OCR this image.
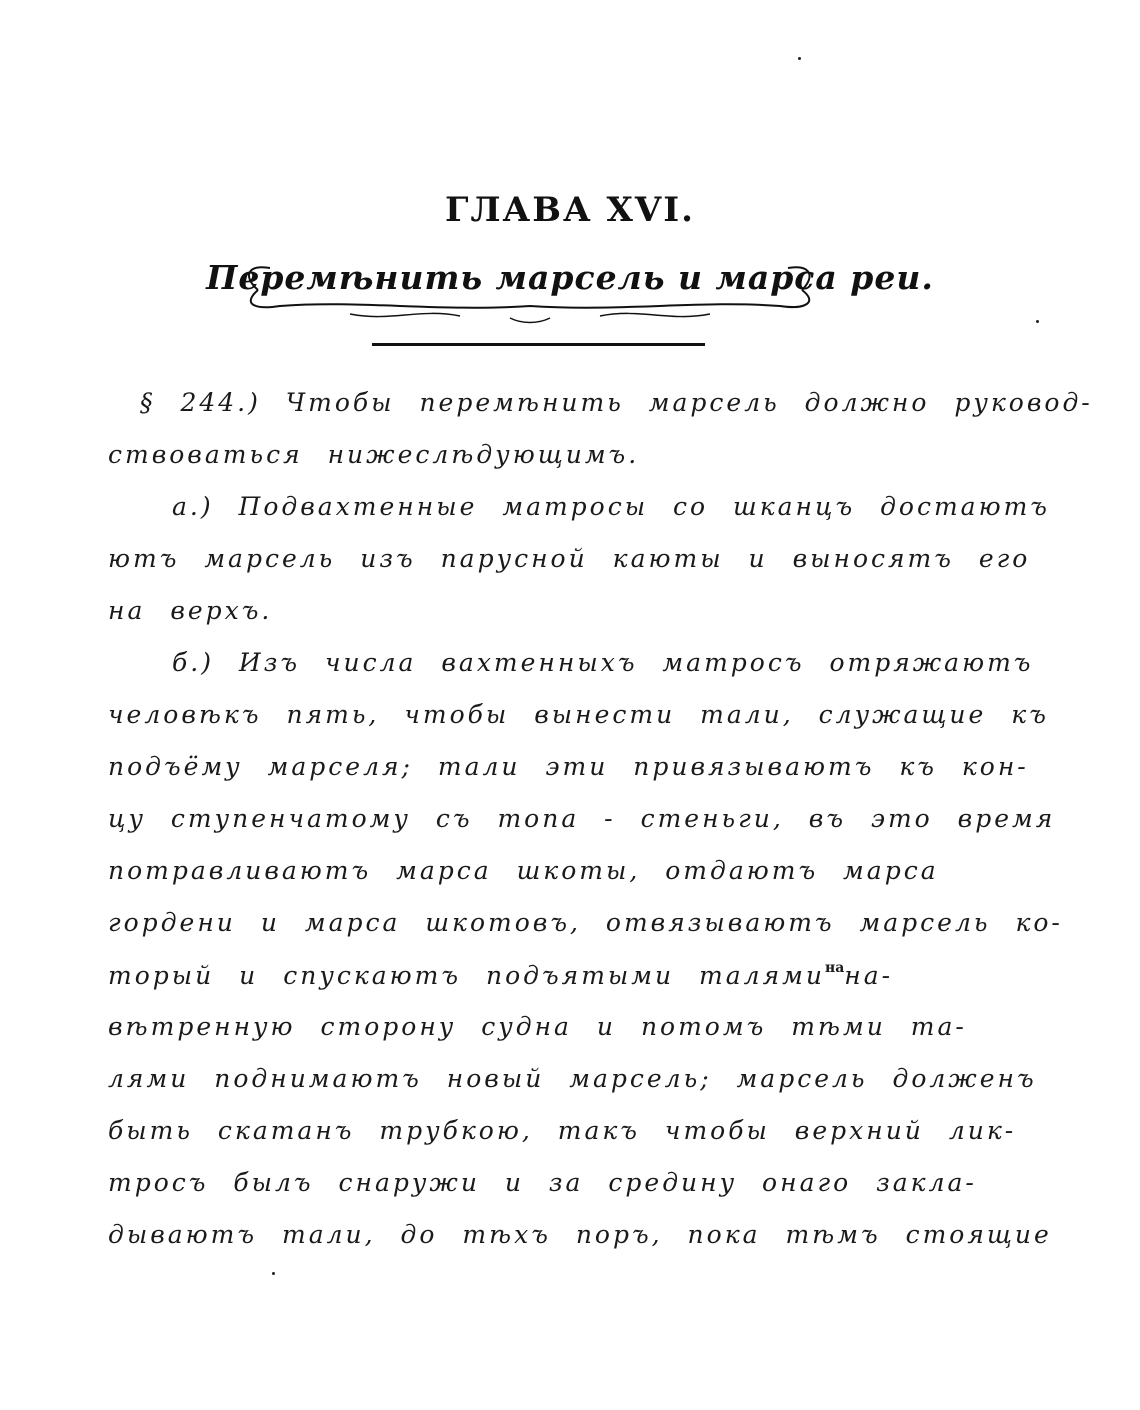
ГЛАВА XVI.
Перемѣнить марсель и марса реи.
§ 244.) Чтобы перемѣнить марсель должно руковод-
ствоваться нижеслѣдующимъ.
а.) Подвахтенные матросы со шканцъ достаютъ
ютъ марсель изъ парусной каюты и выносятъ его
на верхъ.
б.) Изъ числа вахтенныхъ матросъ отряжаютъ
человѣкъ пять, чтобы вынести тали, служащие къ
подъёму марселя; тали эти привязываютъ къ кон-
цу ступенчатому съ топа - стеньги, въ это время
потравливаютъ марса шкоты, отдаютъ марса
гордени и марса шкотовъ, отвязываютъ марсель ко-
торый и спускаютъ подъятыми талями$^{на}$на-
вѣтренную сторону судна и потомъ тѣми та-
лями поднимаютъ новый марсель; марсель долженъ
быть скатанъ трубкою, такъ чтобы верхний лик-
тросъ былъ снаружи и за средину онаго закла-
дываютъ тали, до тѣхъ поръ, пока тѣмъ стоящие
